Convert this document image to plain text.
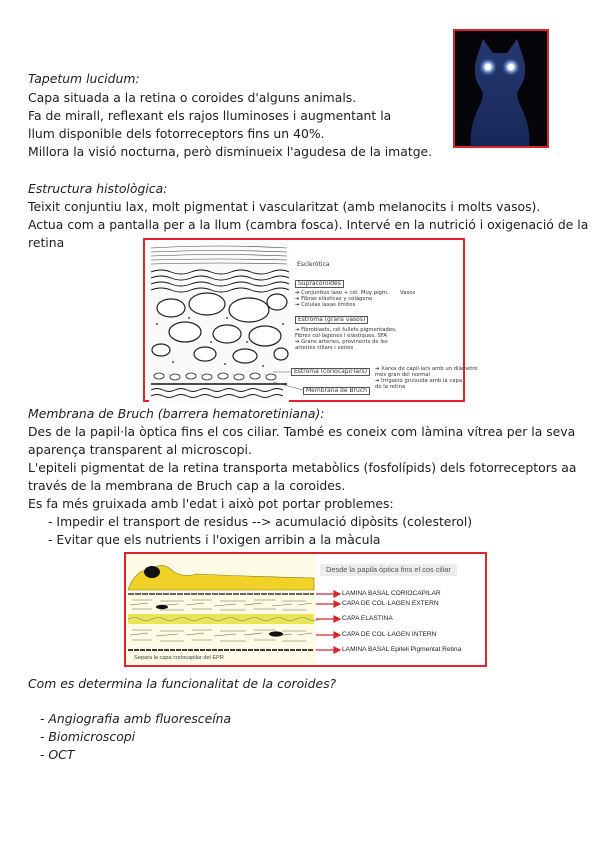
Tapetum lucidum:
Capa situada a la retina o coroides d'alguns animals.
Fa de mirall, reflexant els rajos lluminoses i augmentant la
llum disponible dels fotorreceptors fins un 40%.
Millora la visió nocturna, però disminueix l'agudesa de la imatge.
Estructura histològica:
Teixit conjuntiu lax, molt pigmentat i vascularitzat (amb melanocits i molts vasos).
Actua com a pantalla per a la llum (cambra fosca). Intervé en la nutrició i oxigenació de la
retina
Esclerótica
Supracoroides
➔ Conjuntivo laxo + cél. Muy pigm.
➔ Fibras elásticas y colágeno
➔ Células laxas límites
Vasos
Estroma (grans vasos)
➔ Fibroblasts, cél fullets pigmentades,
Fibres col·làgenes i elàstiques, SFA
➔ Grans arteries, provinents de les
arteries ciliars i venes
Estroma (coriocapil·lars)	➔ Xarxa de capil·lars amb un diàmetre
més gran del normal
➔ Irrigació gruixuda amb la capa
de la retina
Membrana de Bruch
Membrana de Bruch (barrera hematoretiniana):
Des de la papil·la òptica fins el cos ciliar. També es coneix com làmina vítrea per la seva
aparença transparent al microscopi.
L'epiteli pigmentat de la retina transporta metabòlics (fosfolípids) dels fotorreceptors aa
través de la membrana de Bruch cap a la coroides.
Es fa més gruixada amb l'edat i això pot portar problemes:
- Impedir el transport de residus --> acumulació dipòsits (colesterol)
- Evitar que els nutrients i l'oxigen arribin a la màcula
Desde la papila óptica fins el cos ciliar
LAMINA BASAL CORIOCAPILAR
CAPA DE COL·LAGEN EXTERN
CAPA ELASTINA
CAPA DE COL·LAGEN INTERN
LAMINA BASAL Epiteli Pigmentat Retina
Separa la capa coriocapilar del EPR
Com es determina la funcionalitat de la coroides?
- Angiografia amb fluoresceína
- Biomicroscopi
- OCT
